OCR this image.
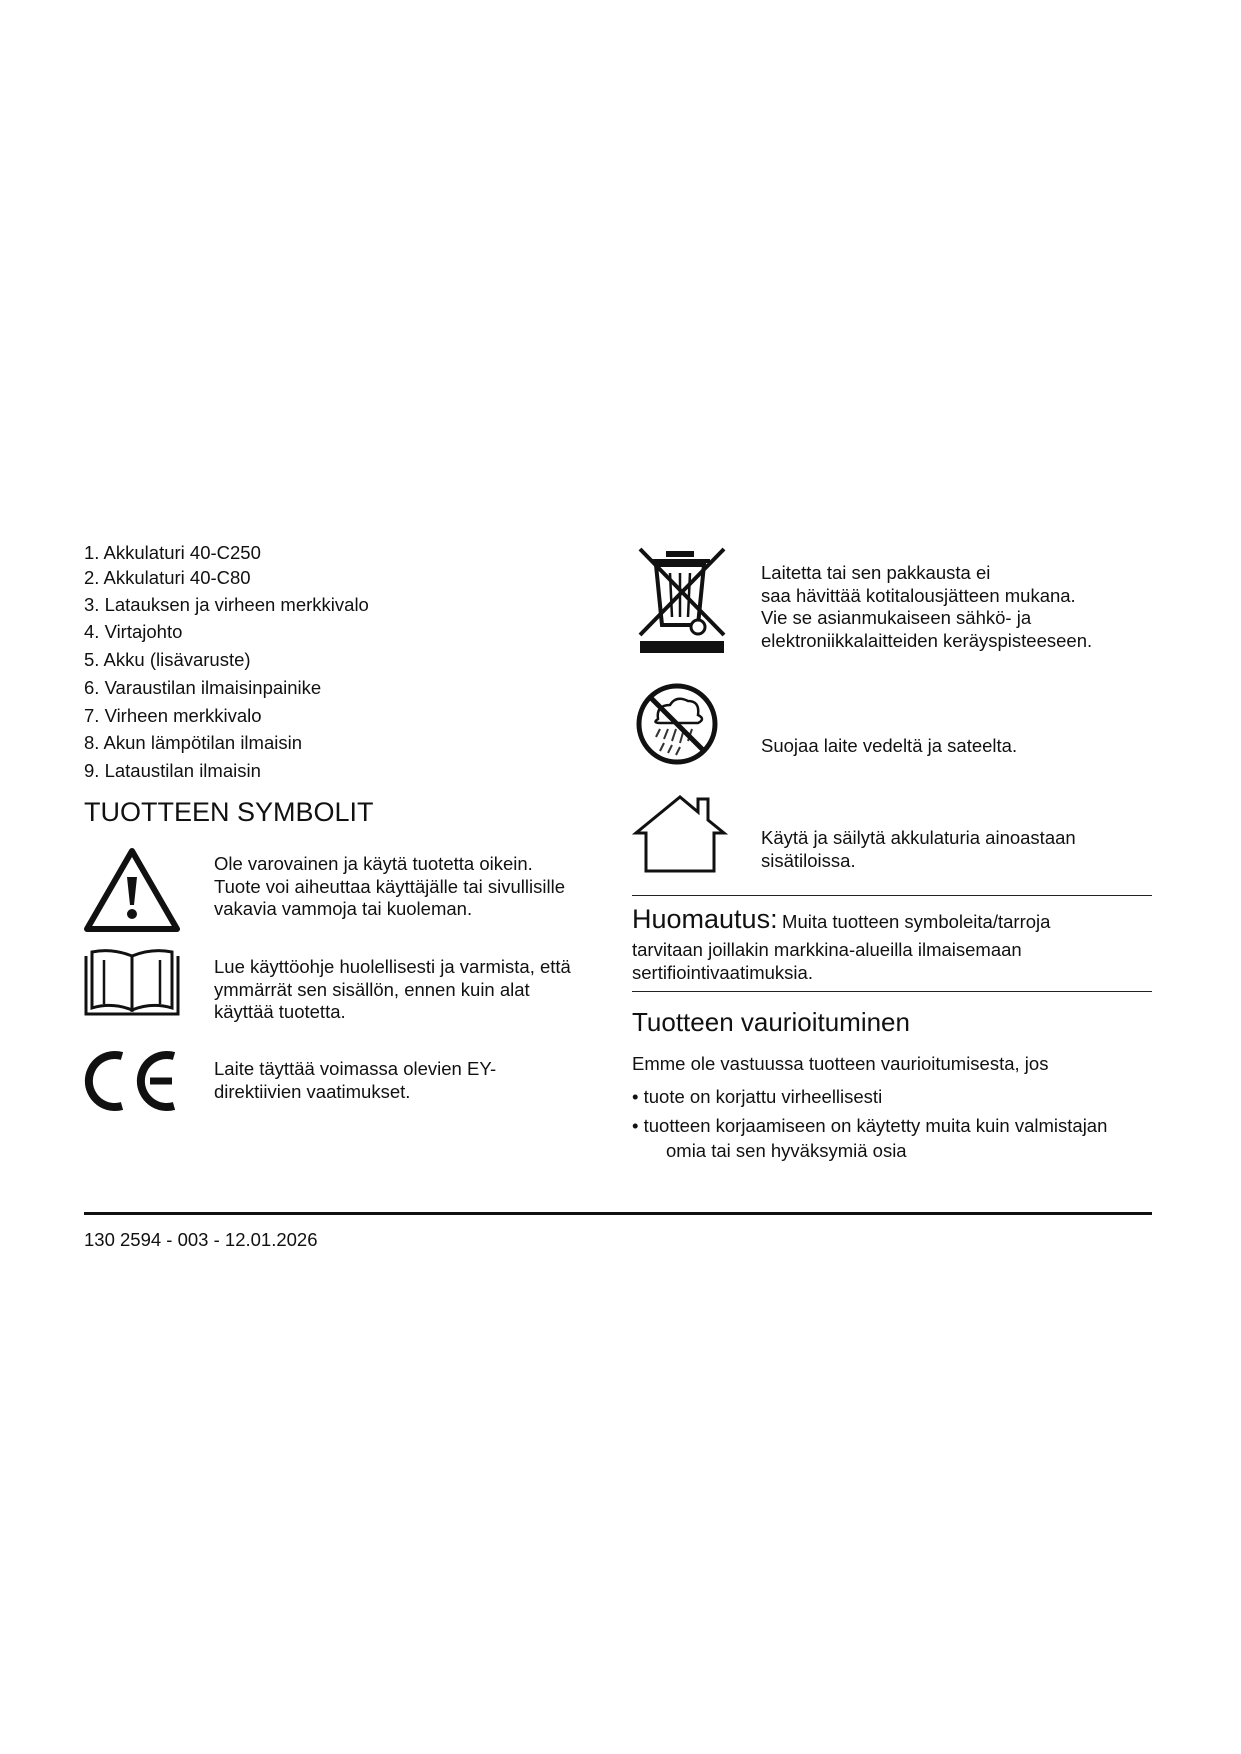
1. Akkulaturi 40-C250
2. Akkulaturi 40-C80
3. Latauksen ja virheen merkkivalo
4. Virtajohto
5. Akku (lisävaruste)
6. Varaustilan ilmaisinpainike
7. Virheen merkkivalo
8. Akun lämpötilan ilmaisin
9. Lataustilan ilmaisin
TUOTTEEN SYMBOLIT
Ole varovainen ja käytä tuotetta oikein.
Tuote voi aiheuttaa käyttäjälle tai sivullisille
vakavia vammoja tai kuoleman.
Lue käyttöohje huolellisesti ja varmista, että
ymmärrät sen sisällön, ennen kuin alat
käyttää tuotetta.
Laite täyttää voimassa olevien EY-
direktiivien vaatimukset.
Laitetta tai sen pakkausta ei
saa hävittää kotitalousjätteen mukana.
Vie se asianmukaiseen sähkö- ja
elektroniikkalaitteiden keräyspisteeseen.
Suojaa laite vedeltä ja sateelta.
Käytä ja säilytä akkulaturia ainoastaan
sisätiloissa.
Huomautus: Muita tuotteen symboleita/tarroja
tarvitaan joillakin markkina-alueilla ilmaisemaan
sertifiointivaatimuksia.
Tuotteen vaurioituminen
Emme ole vastuussa tuotteen vaurioitumisesta, jos
• tuote on korjattu virheellisesti
• tuotteen korjaamiseen on käytetty muita kuin valmistajan
omia tai sen hyväksymiä osia
130 2594 - 003 - 12.01.2026
